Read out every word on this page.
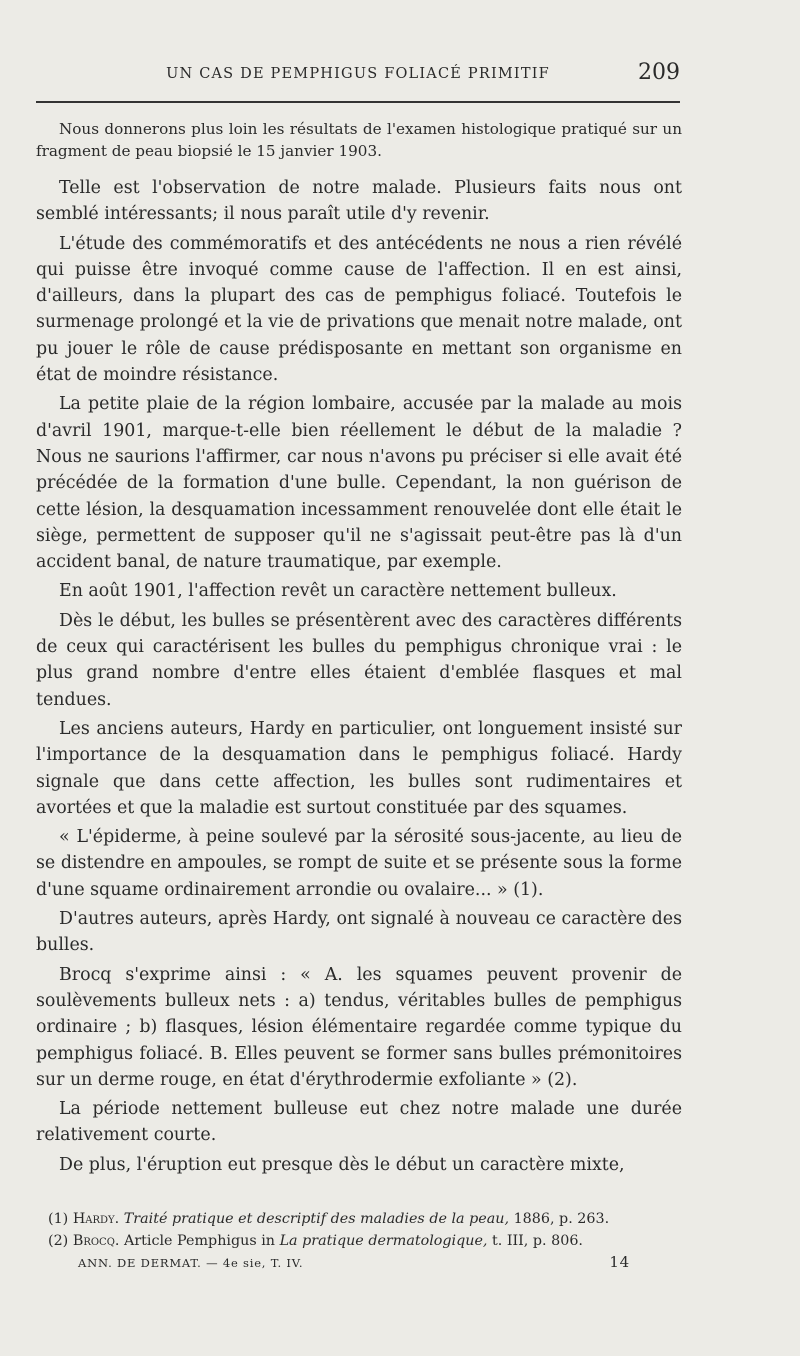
UN CAS DE PEMPHIGUS FOLIACÉ PRIMITIF	209

Nous donnerons plus loin les résultats de l'examen histologique pratiqué sur un fragment de peau biopsié le 15 janvier 1903.

Telle est l'observation de notre malade. Plusieurs faits nous ont semblé intéressants; il nous paraît utile d'y revenir.

L'étude des commémoratifs et des antécédents ne nous a rien révélé qui puisse être invoqué comme cause de l'affection. Il en est ainsi, d'ailleurs, dans la plupart des cas de pemphigus foliacé. Toutefois le surmenage prolongé et la vie de privations que menait notre malade, ont pu jouer le rôle de cause prédisposante en mettant son organisme en état de moindre résistance.

La petite plaie de la région lombaire, accusée par la malade au mois d'avril 1901, marque-t-elle bien réellement le début de la maladie ? Nous ne saurions l'affirmer, car nous n'avons pu préciser si elle avait été précédée de la formation d'une bulle. Cependant, la non guérison de cette lésion, la desquamation incessamment renouvelée dont elle était le siège, permettent de supposer qu'il ne s'agissait peut-être pas là d'un accident banal, de nature traumatique, par exemple.

En août 1901, l'affection revêt un caractère nettement bulleux.

Dès le début, les bulles se présentèrent avec des caractères différents de ceux qui caractérisent les bulles du pemphigus chronique vrai : le plus grand nombre d'entre elles étaient d'emblée flasques et mal tendues.

Les anciens auteurs, Hardy en particulier, ont longuement insisté sur l'importance de la desquamation dans le pemphigus foliacé. Hardy signale que dans cette affection, les bulles sont rudimentaires et avortées et que la maladie est surtout constituée par des squames.

« L'épiderme, à peine soulevé par la sérosité sous-jacente, au lieu de se distendre en ampoules, se rompt de suite et se présente sous la forme d'une squame ordinairement arrondie ou ovalaire... » (1).

D'autres auteurs, après Hardy, ont signalé à nouveau ce caractère des bulles.

Brocq s'exprime ainsi : « A. les squames peuvent provenir de soulèvements bulleux nets : a) tendus, véritables bulles de pemphigus ordinaire ; b) flasques, lésion élémentaire regardée comme typique du pemphigus foliacé. B. Elles peuvent se former sans bulles prémonitoires sur un derme rouge, en état d'érythrodermie exfoliante » (2).

La période nettement bulleuse eut chez notre malade une durée relativement courte.

De plus, l'éruption eut presque dès le début un caractère mixte,

(1) Hardy. Traité pratique et descriptif des maladies de la peau, 1886, p. 263.

(2) Brocq. Article Pemphigus in La pratique dermatologique, t. III, p. 806.

ANN. DE DERMAT. — 4e sie, T. IV.	14
